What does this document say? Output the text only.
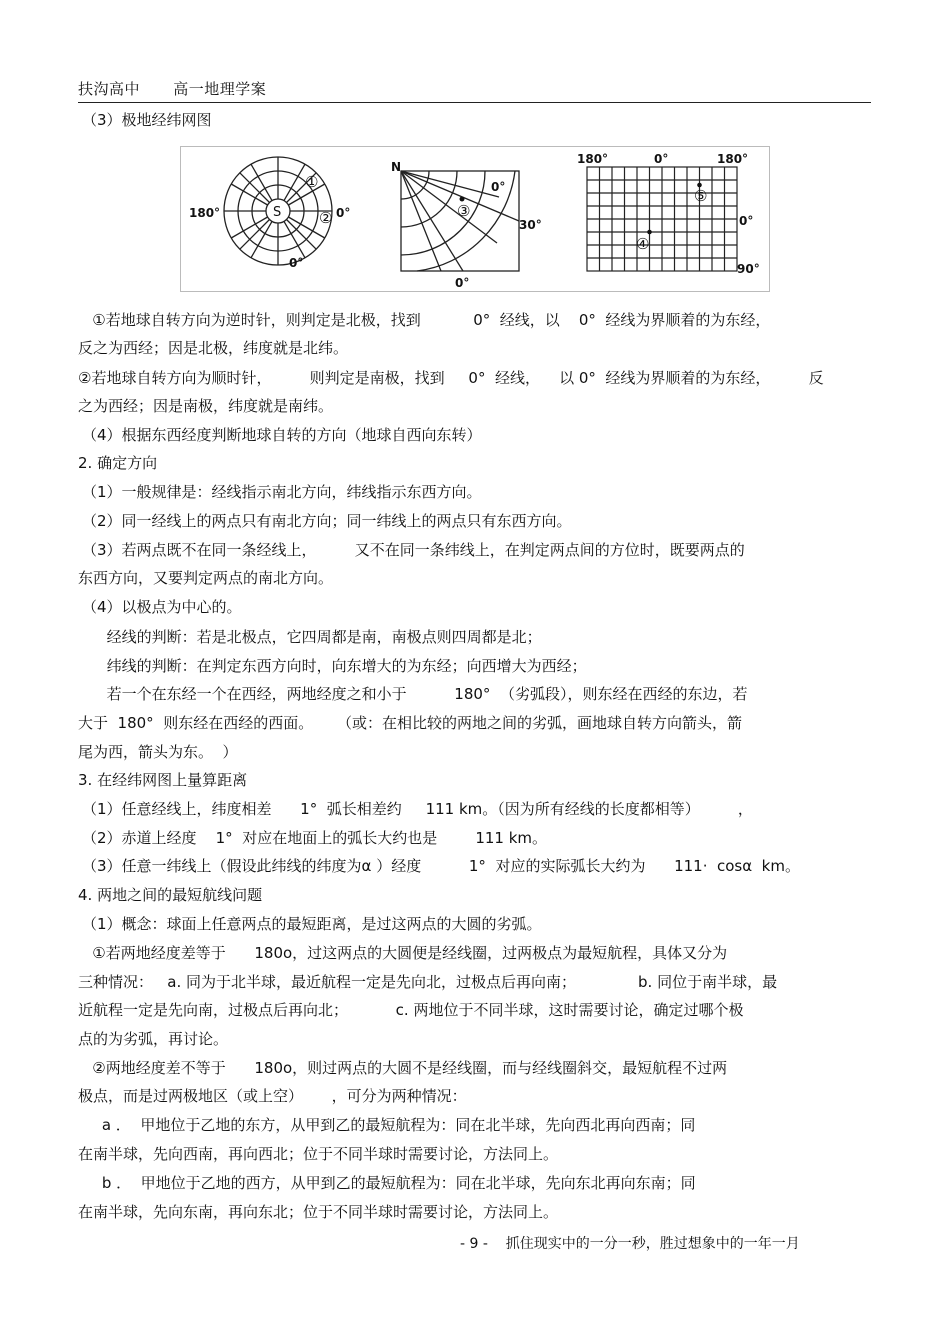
扶沟高中 高一地理学案
（3）极地经纬网图
S
180°	0°
0°
①
②
N
0°
30°
0°
③
180°	0°	180°
0°
90°
⑤
④
①若地球自转方向为逆时针，则判定是北极，找到           0°  经线，以    0°  经线为界顺着的为东经，
反之为西经；因是北极，纬度就是北纬。
②若地球自转方向为顺时针，        则判定是南极，找到     0°  经线，    以 0°  经线为界顺着的为东经，        反
之为西经；因是南极，纬度就是南纬。
（4）根据东西经度判断地球自转的方向（地球自西向东转）
2. 确定方向
（1）一般规律是：经线指示南北方向，纬线指示东西方向。
（2）同一经线上的两点只有南北方向；同一纬线上的两点只有东西方向。
（3）若两点既不在同一条经线上，        又不在同一条纬线上，在判定两点间的方位时，既要两点的
东西方向，又要判定两点的南北方向。
（4）以极点为中心的。
经线的判断：若是北极点，它四周都是南，南极点则四周都是北；
纬线的判断：在判定东西方向时，向东增大的为东经；向西增大为西经；
若一个在东经一个在西经，两地经度之和小于          180°  （劣弧段），则东经在西经的东边，若
大于  180°  则东经在西经的西面。     （或：在相比较的两地之间的劣弧，画地球自转方向箭头，箭
尾为西，箭头为东。  ）
3. 在经纬网图上量算距离
（1）任意经线上，纬度相差      1°  弧长相差约     111 km。（因为所有经线的长度都相等）        ，
（2）赤道上经度    1°  对应在地面上的弧长大约也是        111 km。
（3）任意一纬线上（假设此纬线的纬度为α ）经度          1°  对应的实际弧长大约为      111·  cosα  km。
4. 两地之间的最短航线问题
（1）概念：球面上任意两点的最短距离，是过这两点的大圆的劣弧。
①若两地经度差等于      180o，过这两点的大圆便是经线圈，过两极点为最短航程，具体又分为
三种情况：   a. 同为于北半球，最近航程一定是先向北，过极点后再向南；             b. 同位于南半球，最
近航程一定是先向南，过极点后再向北；          c. 两地位于不同半球，这时需要讨论，确定过哪个极
点的为劣弧，再讨论。
②两地经度差不等于      180o，则过两点的大圆不是经线圈，而与经线圈斜交，最短航程不过两
极点，而是过两极地区（或上空）      ，可分为两种情况：
a ．  甲地位于乙地的东方，从甲到乙的最短航程为：同在北半球，先向西北再向西南；同
在南半球，先向西南，再向西北；位于不同半球时需要讨论，方法同上。
b ．  甲地位于乙地的西方，从甲到乙的最短航程为：同在北半球，先向东北再向东南；同
在南半球，先向东南，再向东北；位于不同半球时需要讨论，方法同上。
- 9 - 抓住现实中的一分一秒，胜过想象中的一年一月
